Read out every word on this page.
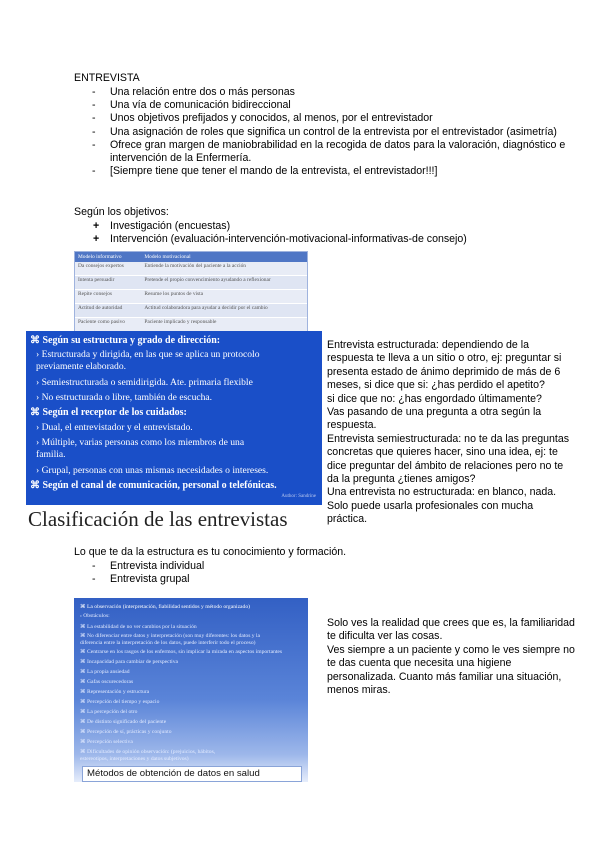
ENTREVISTA
- Una relación entre dos o más personas
- Una vía de comunicación bidireccional
- Unos objetivos prefijados y conocidos, al menos, por el entrevistador
- Una asignación de roles que significa un control de la entrevista por el entrevistador (asimetría)
- Ofrece gran margen de maniobrabilidad en la recogida de datos para la valoración, diagnóstico e
intervención de la Enfermería.
- [Siempre tiene que tener el mando de la entrevista, el entrevistador!!!]
Según los objetivos:
+ Investigación (encuestas)
+ Intervención (evaluación-intervención-motivacional-informativas-de consejo)
Modelo informativo	Modelo motivacional
Da consejos expertos	Entiende la motivación del paciente a la acción
Intenta persuadir	Pretende el propio convencimiento ayudando a reflexionar
Repite consejos	Resume los puntos de vista
Actitud de autoridad	Actitud colaboradora para ayudar a decidir por el cambio
Paciente como pasivo	Paciente implicado y responsable
⌘ Según su estructura y grado de dirección:
› Estructurada y dirigida, en las que se aplica un protocolo
previamente elaborado.
› Semiestructurada o semidirigida. Ate. primaria flexible
› No estructurada o libre, también de escucha.
⌘ Según el receptor de los cuidados:
› Dual, el entrevistador y el entrevistado.
› Múltiple, varias personas como los miembros de una
familia.
› Grupal, personas con unas mismas necesidades o intereses.
⌘ Según el canal de comunicación, personal o telefónicas.
Author: Sandrine
Clasificación de las entrevistas
Entrevista estructurada: dependiendo de la
respuesta te lleva a un sitio o otro, ej: preguntar si
presenta estado de ánimo deprimido de más de 6
meses, si dice que si: ¿has perdido el apetito?
si dice que no: ¿has engordado últimamente?
Vas pasando de una pregunta a otra según la
respuesta.
Entrevista semiestructurada: no te da las preguntas
concretas que quieres hacer, sino una idea, ej: te
dice preguntar del ámbito de relaciones pero no te
da la pregunta ¿tienes amigos?
Una entrevista no estructurada: en blanco, nada.
Solo puede usarla profesionales con mucha
práctica.
Lo que te da la estructura es tu conocimiento y formación.
- Entrevista individual
- Entrevista grupal
⌘ La observación (interpretación, fiabilidad sentidos y método organizado)
› Obstáculos:
⌘ La estabilidad de no ver cambios por la situación
⌘ No diferenciar entre datos y interpretación (son muy diferentes: los datos y la
diferencia entre la interpretación de los datos, puede interferir todo el proceso)
⌘ Centrarse en los rasgos de los enfermos, sin implicar la mirada en aspectos importantes
⌘ Incapacidad para cambiar de perspectiva
⌘ La propia ansiedad
⌘ Gafas oscurecedoras
⌘ Representación y estructura
⌘ Percepción del tiempo y espacio
⌘ La percepción del otro
⌘ De distinto significado del paciente
⌘ Percepción de sí, prácticas y conjunto
⌘ Percepción selectiva
⌘ Dificultades de opinión observación: (prejuicios, hábitos,
estereotipos, interpretaciones y datos subjetivos)
Métodos de obtención de datos en salud
Solo ves la realidad que crees que es, la familiaridad
te dificulta ver las cosas.
Ves siempre a un paciente y como le ves siempre no
te das cuenta que necesita una higiene
personalizada. Cuanto más familiar una situación,
menos miras.
